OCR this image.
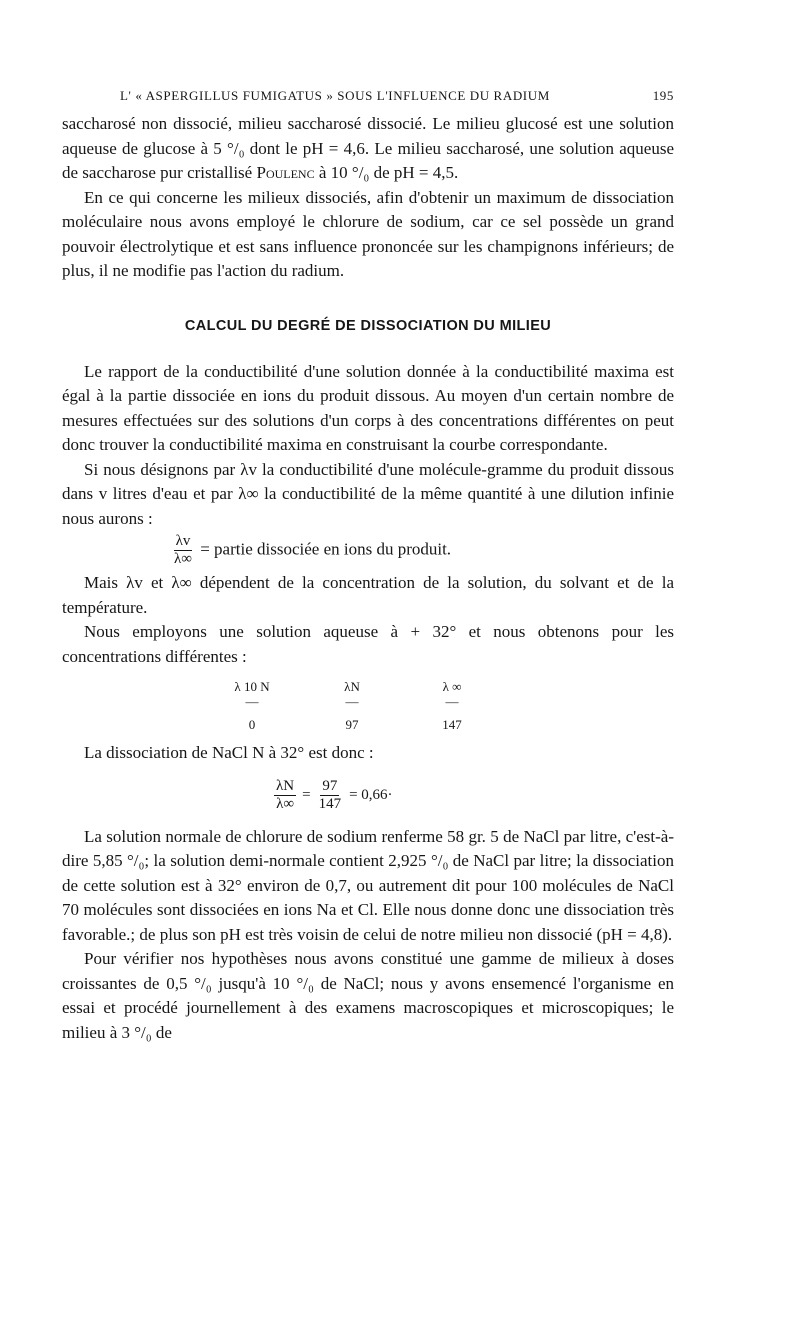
L' « ASPERGILLUS FUMIGATUS » SOUS L'INFLUENCE DU RADIUM	195

saccharosé non dissocié, milieu saccharosé dissocié. Le milieu glucosé est une solution aqueuse de glucose à 5 °/₀ dont le pH = 4,6. Le milieu saccharosé, une solution aqueuse de saccharose pur cristallisé Poulenc à 10 °/₀ de pH = 4,5.

En ce qui concerne les milieux dissociés, afin d'obtenir un maximum de dissociation moléculaire nous avons employé le chlorure de sodium, car ce sel possède un grand pouvoir électrolytique et est sans influence prononcée sur les champignons inférieurs; de plus, il ne modifie pas l'action du radium.

CALCUL DU DEGRÉ DE DISSOCIATION DU MILIEU

Le rapport de la conductibilité d'une solution donnée à la conductibilité maxima est égal à la partie dissociée en ions du produit dissous. Au moyen d'un certain nombre de mesures effectuées sur des solutions d'un corps à des concentrations différentes on peut donc trouver la conductibilité maxima en construisant la courbe correspondante.

Si nous désignons par λv la conductibilité d'une molécule-gramme du produit dissous dans v litres d'eau et par λ∞ la conductibilité de la même quantité à une dilution infinie nous aurons :

$\frac{\lambda v}{\lambda\infty}$ = partie dissociée en ions du produit.

Mais λv et λ∞ dépendent de la concentration de la solution, du solvant et de la température.

Nous employons une solution aqueuse à + 32° et nous obtenons pour les concentrations différentes :

λ 10 N
—
0
λN
—
97
λ ∞
—
147

La dissociation de NaCl N à 32° est donc :

$\frac{\lambda N}{\lambda\infty} = \frac{97}{147} = 0,66\cdot$

La solution normale de chlorure de sodium renferme 58 gr. 5 de NaCl par litre, c'est-à-dire 5,85 °/₀; la solution demi-normale contient 2,925 °/₀ de NaCl par litre; la dissociation de cette solution est à 32° environ de 0,7, ou autrement dit pour 100 molécules de NaCl 70 molécules sont dissociées en ions Na et Cl. Elle nous donne donc une dissociation très favorable.; de plus son pH est très voisin de celui de notre milieu non dissocié (pH = 4,8).

Pour vérifier nos hypothèses nous avons constitué une gamme de milieux à doses croissantes de 0,5 °/₀ jusqu'à 10 °/₀ de NaCl; nous y avons ensemencé l'organisme en essai et procédé journellement à des examens macroscopiques et microscopiques; le milieu à 3 °/₀ de
